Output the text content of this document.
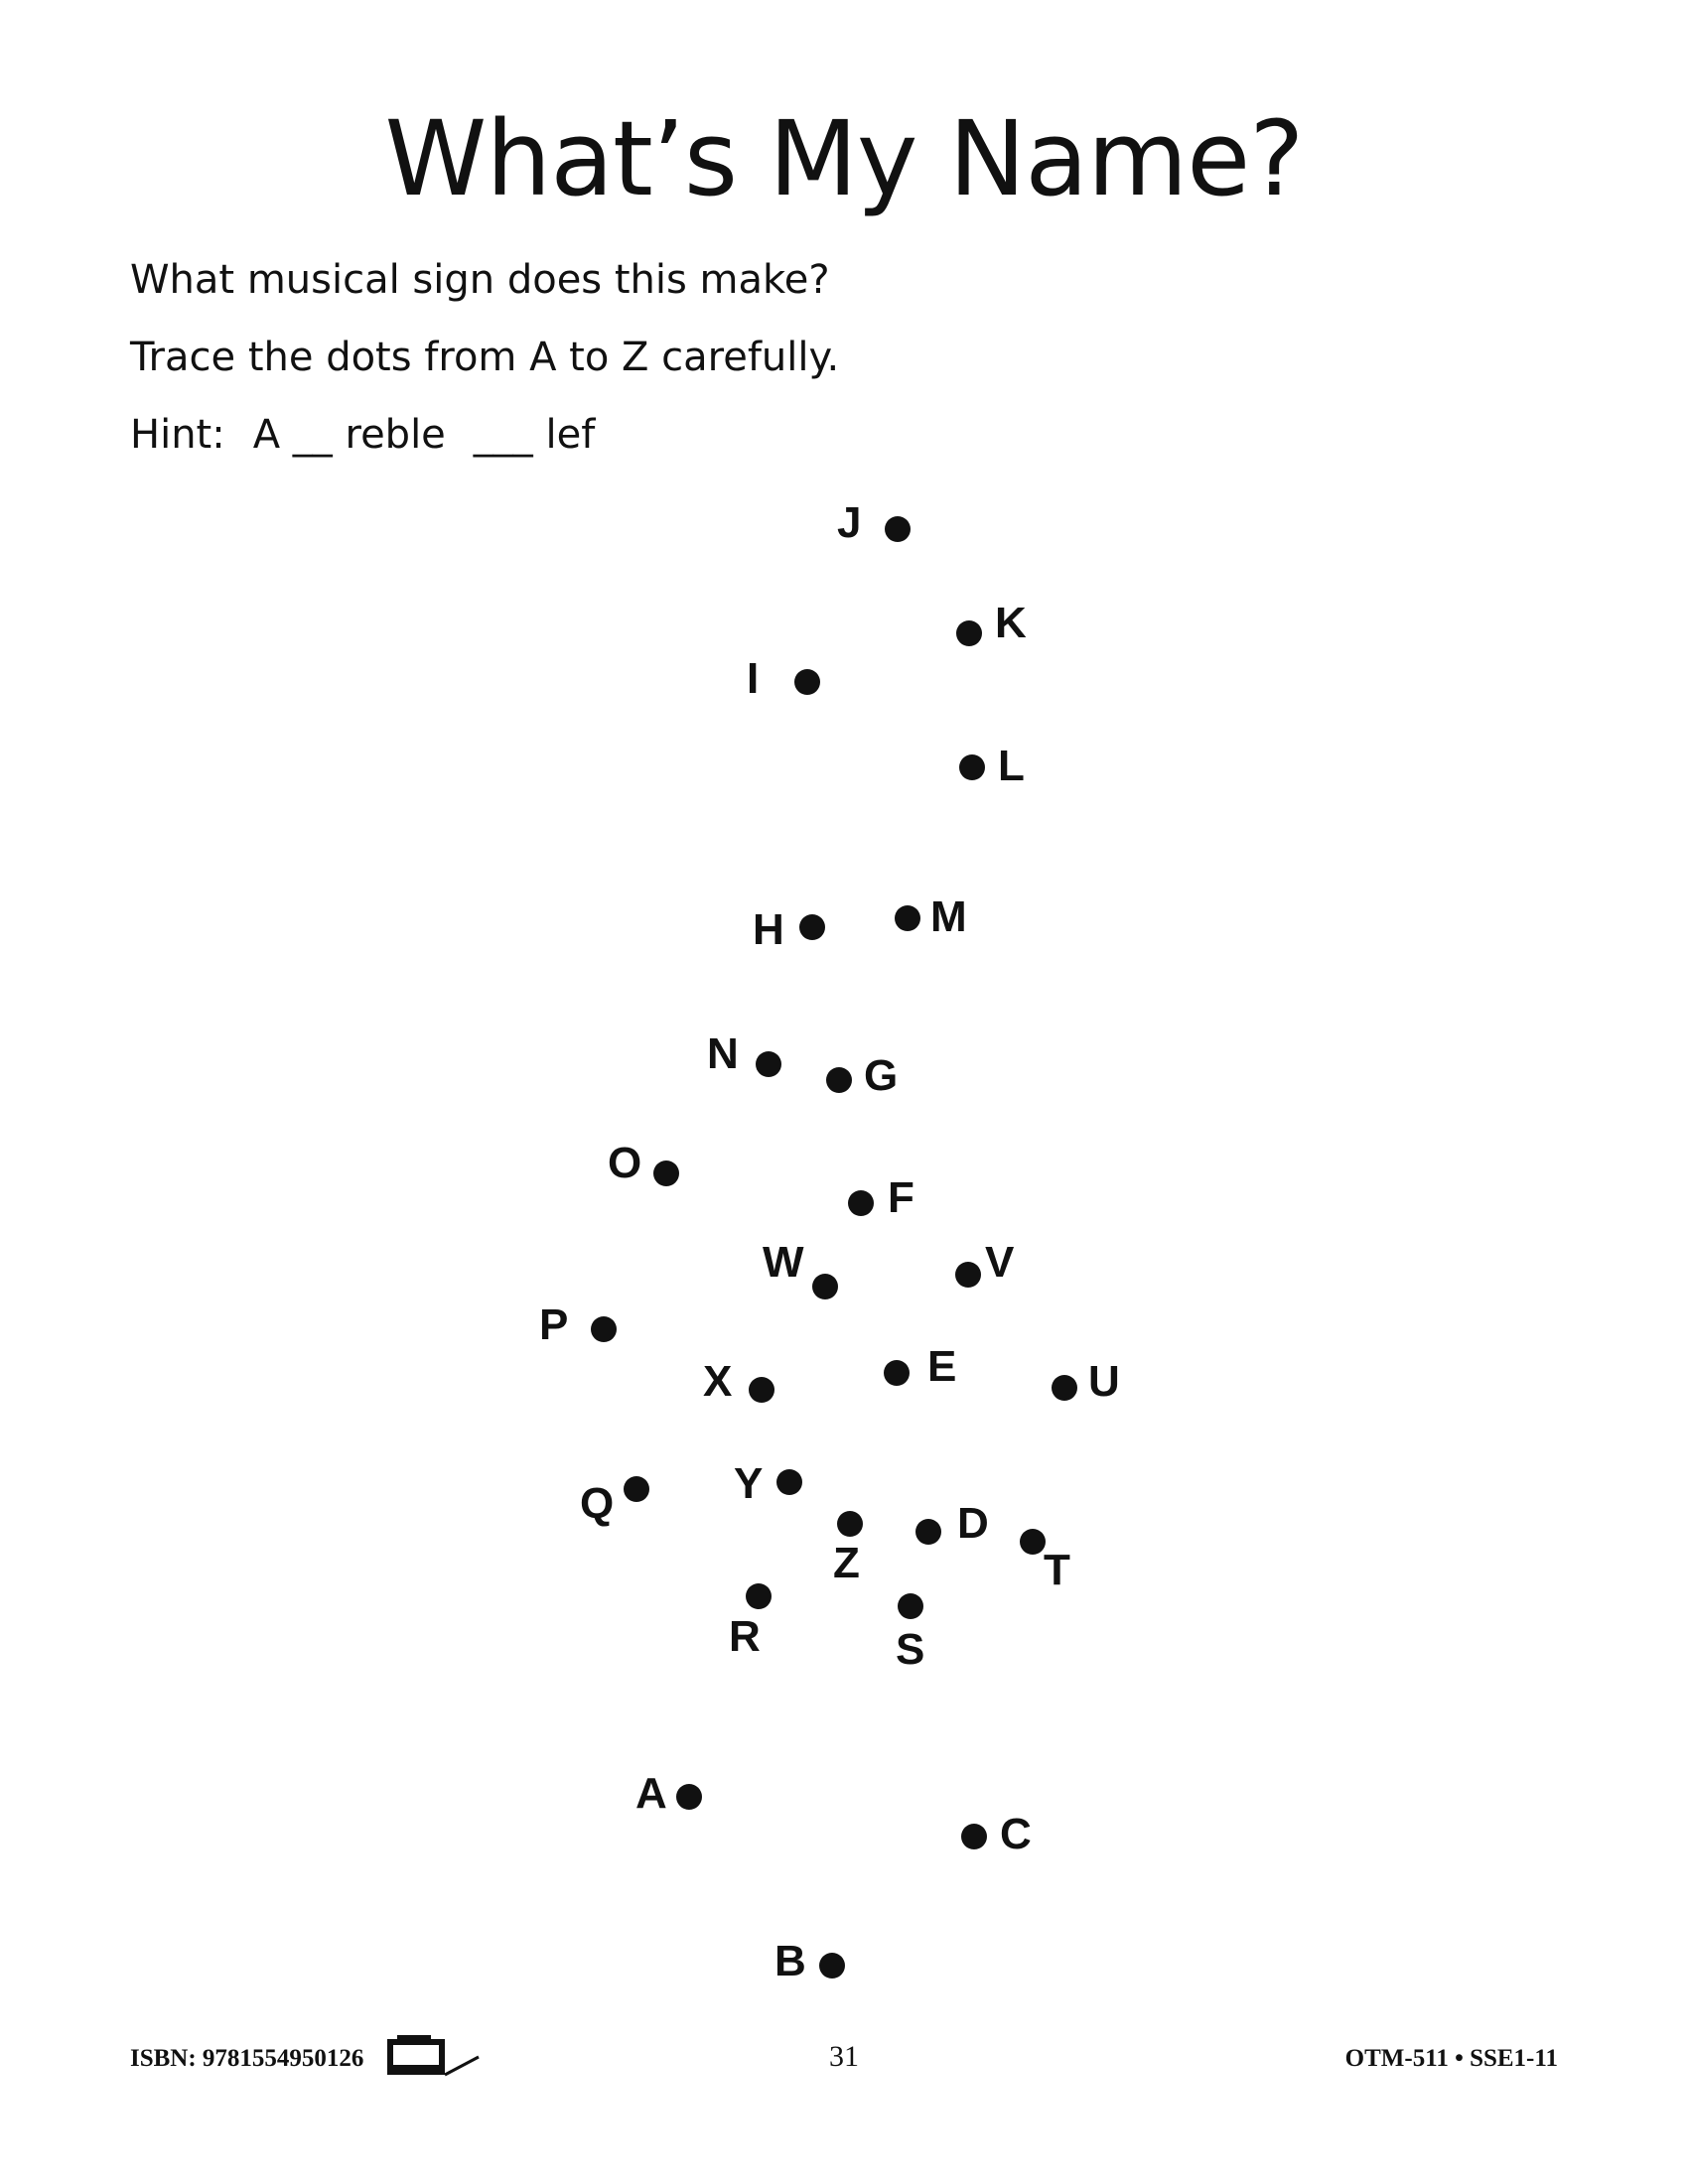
What’s My Name?
What musical sign does this make?
Trace the dots from A to Z carefully.
Hint: A __ reble ___ lef
A
B
C
D
E
F
G
H
I
J
K
L
M
N
O
P
Q
R	S
T
U
V
W
X
Y
Z
ISBN: 9781554950126	31	OTM-511 • SSE1-11
